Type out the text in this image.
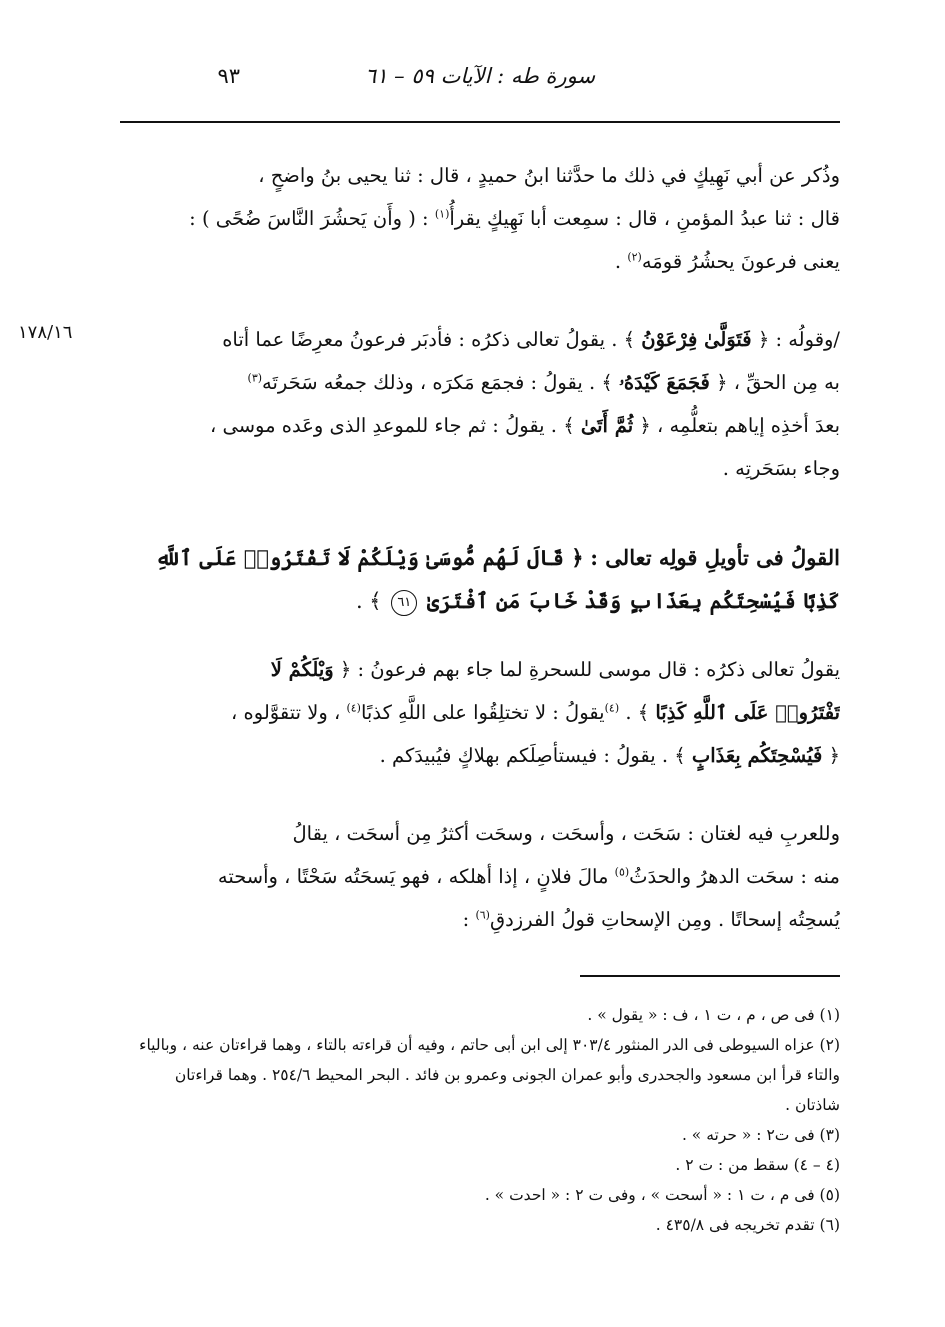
سورة طه : الآيات ٥٩ – ٦١
٩٣
١٧٨/١٦
وذُكر عن أبي نَهِيكٍ في ذلك ما حدَّثنا ابنُ حميدٍ ، قال : ثنا يحيى بنُ واضحٍ ،
قال : ثنا عبدُ المؤمنِ ، قال : سمِعت أبا نَهِيكٍ يقرأُ$^{(١)}$ : ( وأَن يَحشُرَ النَّاسَ ضُحًى ) :
يعنى فرعونَ يحشُرُ قومَه$^{(٢)}$ .
/وقولُه : ﴿ فَتَوَلَّىٰ فِرْعَوْنُ ﴾ . يقولُ تعالى ذكرُه : فأدبَر فرعونُ معرِضًا عما أتاه
به مِن الحقِّ ، ﴿ فَجَمَعَ كَيْدَهُۥ ﴾ . يقولُ : فجمَع مَكرَه ، وذلك جمعُه سَحَرتَه$^{(٣)}$
بعدَ أخذِه إياهم بتعلُّمِه ، ﴿ ثُمَّ أَتَىٰ ﴾ . يقولُ : ثم جاء للموعدِ الذى وعَده موسى ،
وجاء بسَحَرتِه .
القولُ فى تأويلِ قولِه تعالى : ﴿ قَالَ لَهُم مُّوسَىٰ وَيْلَكُمْ لَا تَفْتَرُوا۟ عَلَى ٱللَّهِ
كَذِبًا فَيُسْحِتَكُم بِعَذَابٍ وَقَدْ خَابَ مَنِ ٱفْتَرَىٰ ٦١ ﴾ .
يقولُ تعالى ذكرُه : قال موسى للسحرةِ لما جاء بهم فرعونُ : ﴿ وَيْلَكُمْ لَا
تَفْتَرُوا۟ عَلَى ٱللَّهِ كَذِبًا ﴾ . $^{(٤)}$يقولُ : لا تختلِقُوا على اللَّهِ كذبًا$^{(٤)}$ ، ولا تتقوَّلوه ،
﴿ فَيُسْحِتَكُم بِعَذَابٍ ﴾ . يقولُ : فيستأصِلَكم بهلاكٍ فيُبيدَكم .
وللعربِ فيه لغتان : سَحَت ، وأسحَت ، وسحَت أكثرُ مِن أسحَت ، يقالُ
منه : سحَت الدهرُ والحدَثُ$^{(٥)}$ مالَ فلانٍ ، إذا أهلكه ، فهو يَسحَتُه سَحْتًا ، وأسحته
يُسحِتُه إسحاتًا . ومِن الإسحاتِ قولُ الفرزدقِ$^{(٦)}$ :
(١) فى ص ، م ، ت ١ ، ف : « يقول » .
(٢) عزاه السيوطى فى الدر المنثور ٣٠٣/٤ إلى ابن أبى حاتم ، وفيه أن قراءته بالتاء ، وهما قراءتان عنه ، وبالياء
والتاء قرأ ابن مسعود والجحدرى وأبو عمران الجونى وعمرو بن فائد . البحر المحيط ٢٥٤/٦ . وهما قراءتان
شاذتان .
(٣) فى ت٢ : « حرته » .
(٤ – ٤) سقط من : ت ٢ .
(٥) فى م ، ت ١ : « أسحت » ، وفى ت ٢ : « احدت » .
(٦) تقدم تخريجه فى ٤٣٥/٨ .
